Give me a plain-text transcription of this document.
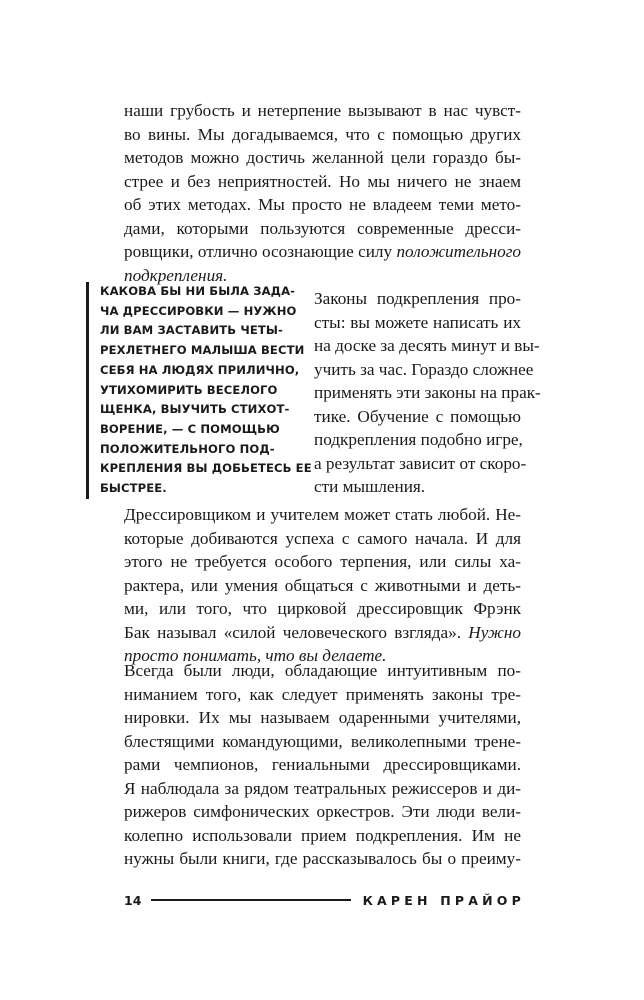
наши грубость и нетерпение вызывают в нас чувст-
во вины. Мы догадываемся, что с помощью других
методов можно достичь желанной цели гораздо бы-
стрее и без неприятностей. Но мы ничего не знаем
об этих методах. Мы просто не владеем теми мето-
дами, которыми пользуются современные дресси-
ровщики, отлично осознающие силу положительного
подкрепления.
КАКОВА БЫ НИ БЫЛА ЗАДА-
ЧА ДРЕССИРОВКИ — НУЖНО
ЛИ ВАМ ЗАСТАВИТЬ ЧЕТЫ-
РЕХЛЕТНЕГО МАЛЫША ВЕСТИ
СЕБЯ НА ЛЮДЯХ ПРИЛИЧНО,
УТИХОМИРИТЬ ВЕСЕЛОГО
ЩЕНКА, ВЫУЧИТЬ СТИХОТ-
ВОРЕНИЕ, — С ПОМОЩЬЮ
ПОЛОЖИТЕЛЬНОГО ПОД-
КРЕПЛЕНИЯ ВЫ ДОБЬЕТЕСЬ ЕЕ
БЫСТРЕЕ.
Законы подкрепления про-
сты: вы можете написать их
на доске за десять минут и вы-
учить за час. Гораздо сложнее
применять эти законы на прак-
тике. Обучение с помощью
подкрепления подобно игре,
а результат зависит от скоро-
сти мышления.
Дрессировщиком и учителем может стать любой. Не-
которые добиваются успеха с самого начала. И для
этого не требуется особого терпения, или силы ха-
рактера, или умения общаться с животными и деть-
ми, или того, что цирковой дрессировщик Фрэнк
Бак называл «силой человеческого взгляда». Нужно
просто понимать, что вы делаете.
Всегда были люди, обладающие интуитивным по-
ниманием того, как следует применять законы тре-
нировки. Их мы называем одаренными учителями,
блестящими командующими, великолепными трене-
рами чемпионов, гениальными дрессировщиками.
Я наблюдала за рядом театральных режиссеров и ди-
рижеров симфонических оркестров. Эти люди вели-
колепно использовали прием подкрепления. Им не
нужны были книги, где рассказывалось бы о преиму-
14	КАРЕН ПРАЙОР
